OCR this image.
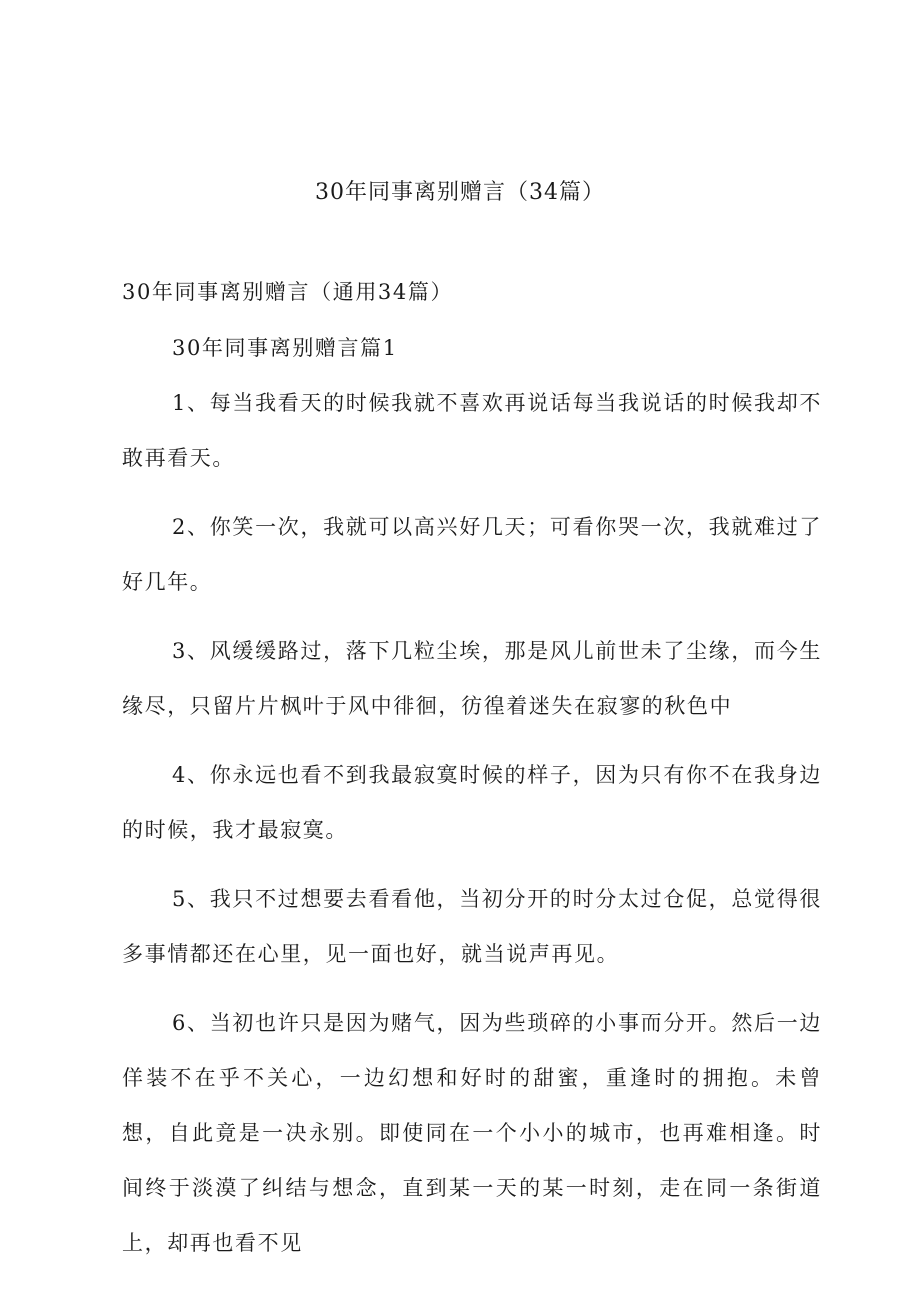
30年同事离别赠言（34篇）

30年同事离别赠言（通用34篇）

30年同事离别赠言篇1

1、每当我看天的时候我就不喜欢再说话每当我说话的时候我却不敢再看天。

2、你笑一次，我就可以高兴好几天；可看你哭一次，我就难过了好几年。

3、风缓缓路过，落下几粒尘埃，那是风儿前世未了尘缘，而今生缘尽，只留片片枫叶于风中徘徊，彷徨着迷失在寂寥的秋色中

4、你永远也看不到我最寂寞时候的样子，因为只有你不在我身边的时候，我才最寂寞。

5、我只不过想要去看看他，当初分开的时分太过仓促，总觉得很多事情都还在心里，见一面也好，就当说声再见。

6、当初也许只是因为赌气，因为些琐碎的小事而分开。然后一边佯装不在乎不关心，一边幻想和好时的甜蜜，重逢时的拥抱。未曾想，自此竟是一决永别。即使同在一个小小的城市，也再难相逢。时间终于淡漠了纠结与想念，直到某一天的某一时刻，走在同一条街道上，却再也看不见
